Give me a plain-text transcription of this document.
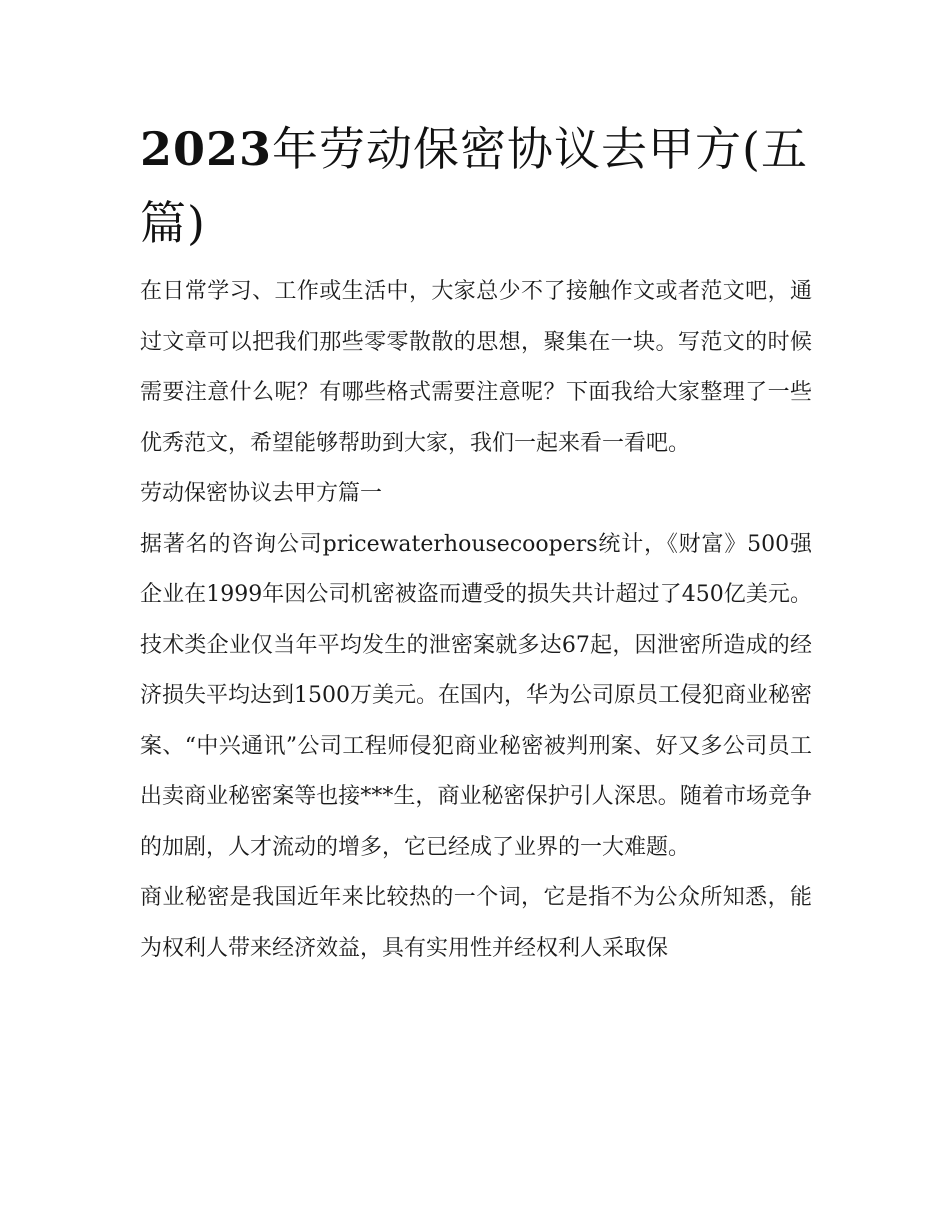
2023年劳动保密协议去甲方(五篇)

在日常学习、工作或生活中，大家总少不了接触作文或者范文吧，通过文章可以把我们那些零零散散的思想，聚集在一块。写范文的时候需要注意什么呢？有哪些格式需要注意呢？下面我给大家整理了一些优秀范文，希望能够帮助到大家，我们一起来看一看吧。

劳动保密协议去甲方篇一

据著名的咨询公司pricewaterhousecoopers统计，《财富》500强企业在1999年因公司机密被盗而遭受的损失共计超过了450亿美元。技术类企业仅当年平均发生的泄密案就多达67起，因泄密所造成的经济损失平均达到1500万美元。在国内，华为公司原员工侵犯商业秘密案、“中兴通讯”公司工程师侵犯商业秘密被判刑案、好又多公司员工出卖商业秘密案等也接***生，商业秘密保护引人深思。随着市场竞争的加剧，人才流动的增多，它已经成了业界的一大难题。

商业秘密是我国近年来比较热的一个词，它是指不为公众所知悉，能为权利人带来经济效益，具有实用性并经权利人采取保
